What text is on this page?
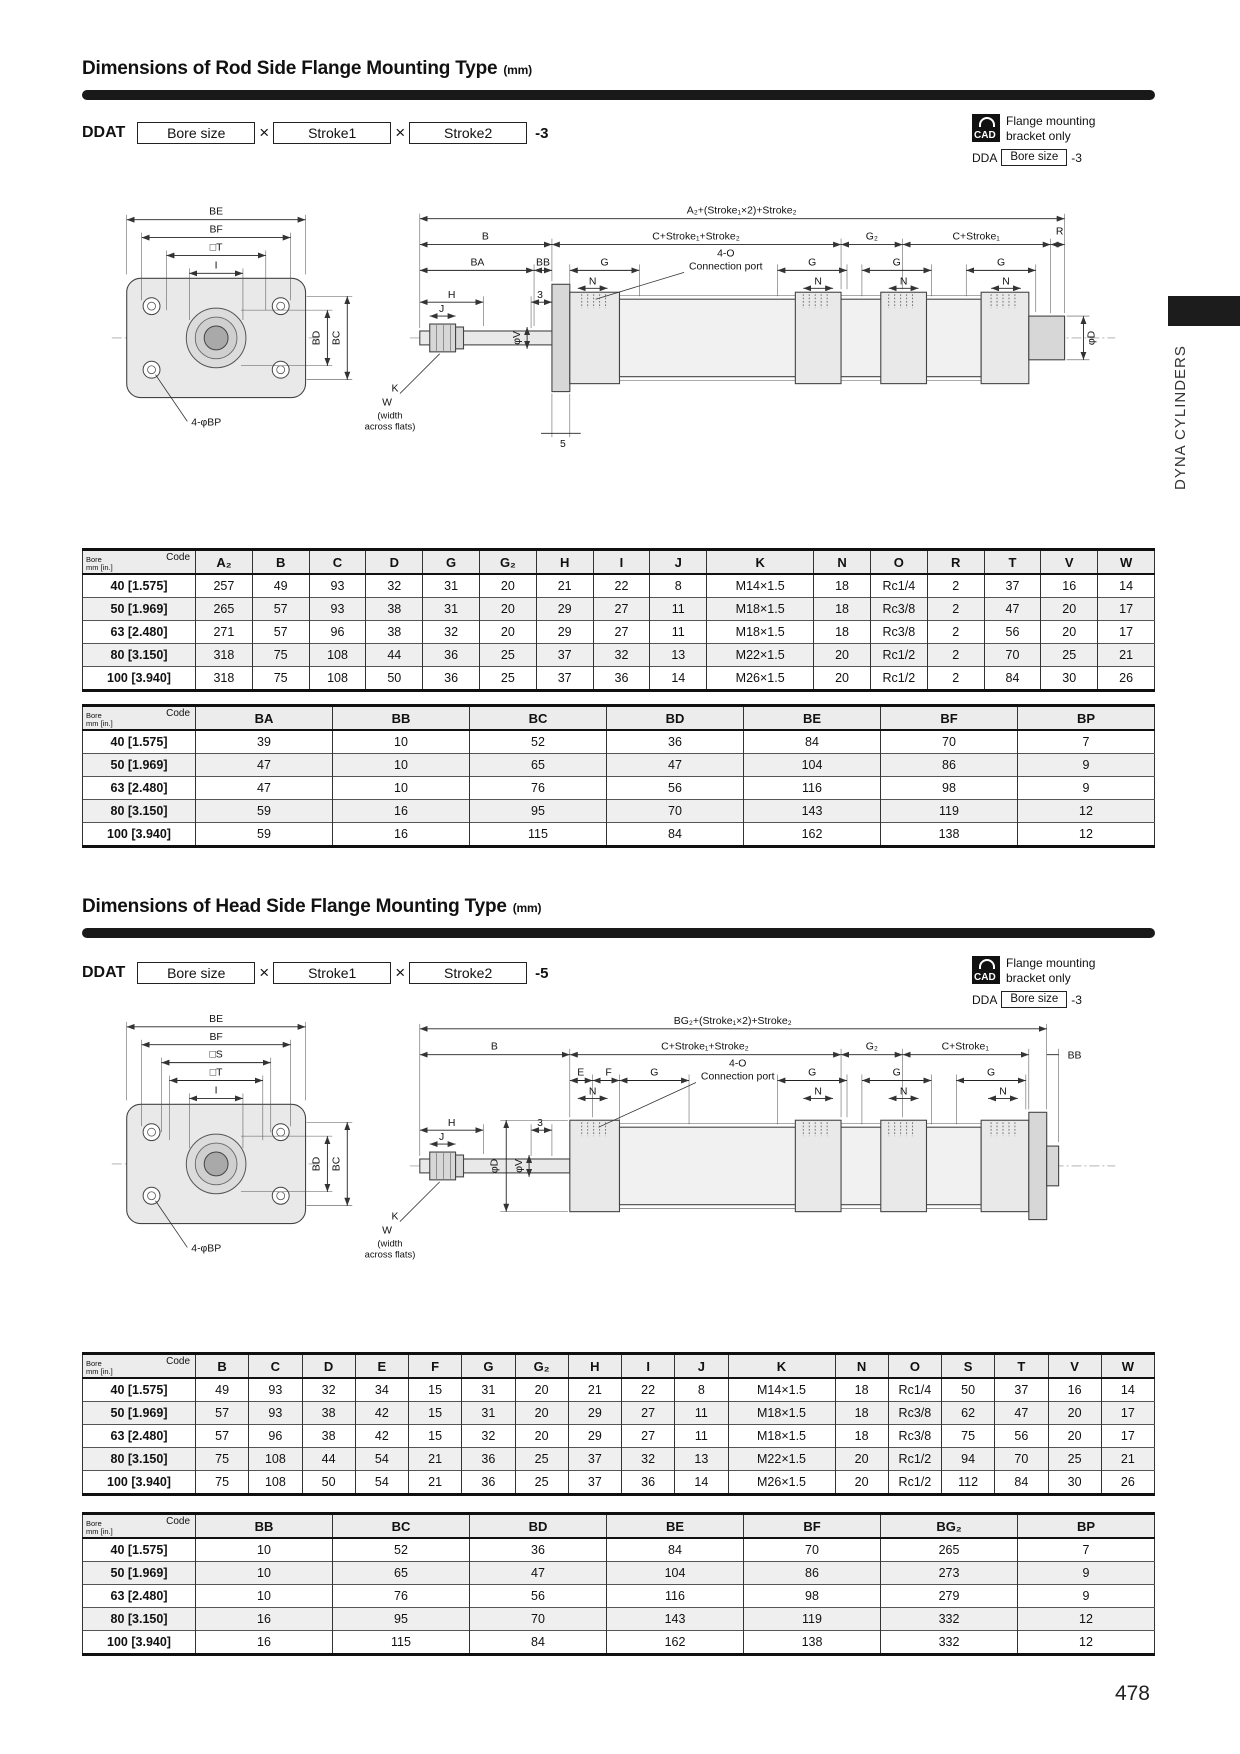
Dimensions of Rod Side Flange Mounting Type (mm)
DDAT	Bore size	×	Stroke1	×	Stroke2	-3	CAD
Flange mounting
bracket only
DDA	Bore size	-3
DYNA CYLINDERS
BE
BF
□T
I
BD BC
4-φBP
A₂+(Stroke₁×2)+Stroke₂
B	C+Stroke₁+Stroke₂	G₂	C+Stroke₁	R
BA	BB	G	G	G	G
N	N	N	N
4-O
Connection port
H	3
J
φV	φD
K
W
(width
across flats)
5
Code
Bore
mm [in.]	A₂	B	C	D	G	G₂	H	I	J	K	N	O	R	T	V	W
40 [1.575]	257	49	93	32	31	20	21	22	8	M14×1.5	18	Rc1/4	2	37	16	14
50 [1.969]	265	57	93	38	31	20	29	27	11	M18×1.5	18	Rc3/8	2	47	20	17
63 [2.480]	271	57	96	38	32	20	29	27	11	M18×1.5	18	Rc3/8	2	56	20	17
80 [3.150]	318	75	108	44	36	25	37	32	13	M22×1.5	20	Rc1/2	2	70	25	21
100 [3.940]	318	75	108	50	36	25	37	36	14	M26×1.5	20	Rc1/2	2	84	30	26
Code
Bore
mm [in.]	BA	BB	BC	BD	BE	BF	BP
40 [1.575]	39	10	52	36	84	70	7
50 [1.969]	47	10	65	47	104	86	9
63 [2.480]	47	10	76	56	116	98	9
80 [3.150]	59	16	95	70	143	119	12
100 [3.940]	59	16	115	84	162	138	12
Dimensions of Head Side Flange Mounting Type (mm)
DDAT	Bore size	×	Stroke1	×	Stroke2	-5	CAD
Flange mounting
bracket only
DDA	Bore size	-3
BE
BF
□S
□T
I
BD BC
4-φBP
BG₂+(Stroke₁×2)+Stroke₂
B	C+Stroke₁+Stroke₂	G₂	C+Stroke₁
BB
E F	G	G	G	G
N	N	N	N
4-O
Connection port
H	3
J
φD φV
K
W
(width
across flats)
Code
Bore
mm [in.]	B	C	D	E	F	G	G₂	H	I	J	K	N	O	S	T	V	W
40 [1.575]	49	93	32	34	15	31	20	21	22	8	M14×1.5	18	Rc1/4	50	37	16	14
50 [1.969]	57	93	38	42	15	31	20	29	27	11	M18×1.5	18	Rc3/8	62	47	20	17
63 [2.480]	57	96	38	42	15	32	20	29	27	11	M18×1.5	18	Rc3/8	75	56	20	17
80 [3.150]	75	108	44	54	21	36	25	37	32	13	M22×1.5	20	Rc1/2	94	70	25	21
100 [3.940]	75	108	50	54	21	36	25	37	36	14	M26×1.5	20	Rc1/2	112	84	30	26
Code
Bore
mm [in.]	BB	BC	BD	BE	BF	BG₂	BP
40 [1.575]	10	52	36	84	70	265	7
50 [1.969]	10	65	47	104	86	273	9
63 [2.480]	10	76	56	116	98	279	9
80 [3.150]	16	95	70	143	119	332	12
100 [3.940]	16	115	84	162	138	332	12
478
